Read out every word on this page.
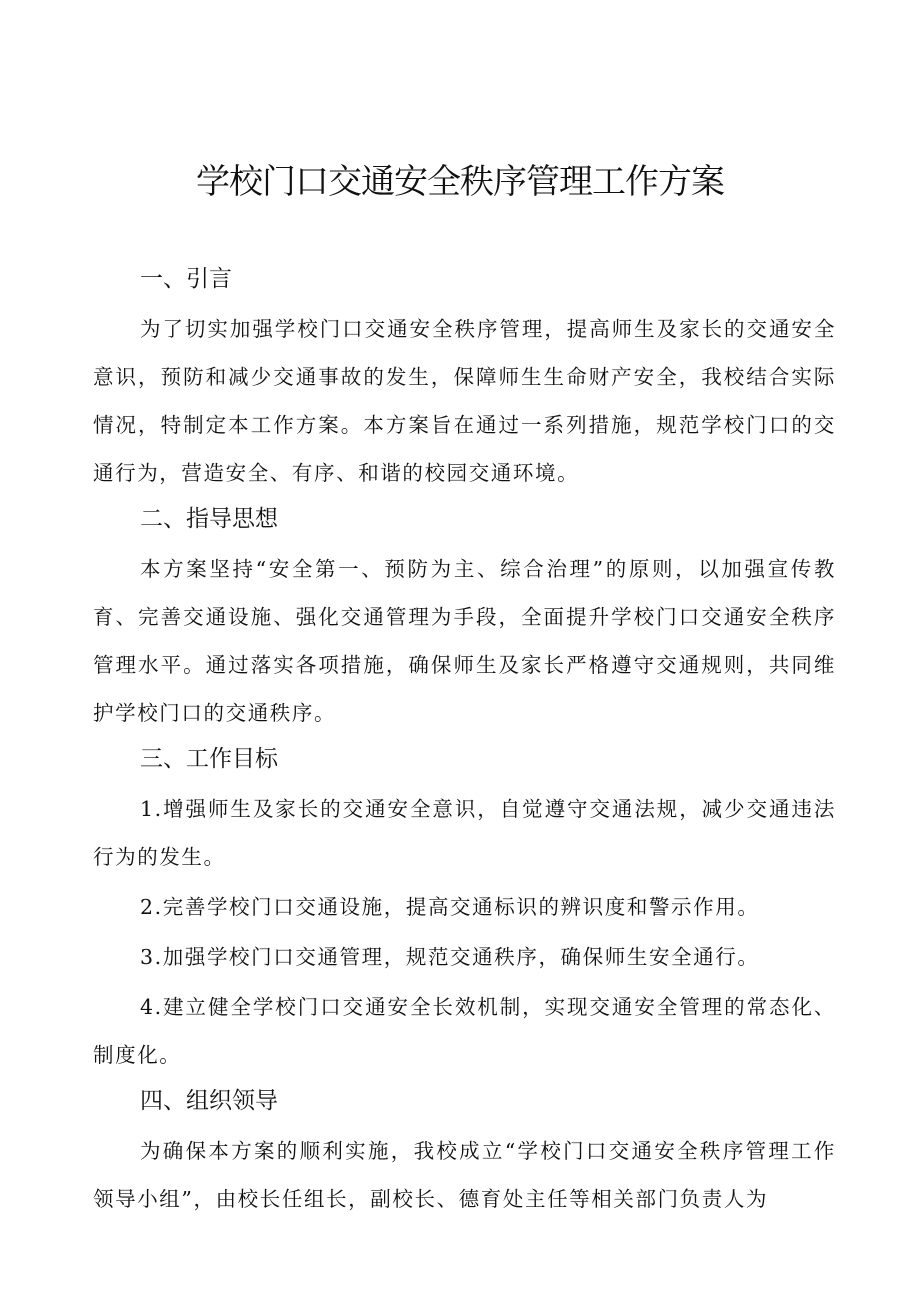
学校门口交通安全秩序管理工作方案
一、引言

为了切实加强学校门口交通安全秩序管理，提高师生及家长的交通安全意识，预防和减少交通事故的发生，保障师生生命财产安全，我校结合实际情况，特制定本工作方案。本方案旨在通过一系列措施，规范学校门口的交通行为，营造安全、有序、和谐的校园交通环境。

二、指导思想

本方案坚持“安全第一、预防为主、综合治理”的原则，以加强宣传教育、完善交通设施、强化交通管理为手段，全面提升学校门口交通安全秩序管理水平。通过落实各项措施，确保师生及家长严格遵守交通规则，共同维护学校门口的交通秩序。

三、工作目标

1.增强师生及家长的交通安全意识，自觉遵守交通法规，减少交通违法行为的发生。

2.完善学校门口交通设施，提高交通标识的辨识度和警示作用。

3.加强学校门口交通管理，规范交通秩序，确保师生安全通行。

4.建立健全学校门口交通安全长效机制，实现交通安全管理的常态化、制度化。

四、组织领导

为确保本方案的顺利实施，我校成立“学校门口交通安全秩序管理工作领导小组”，由校长任组长，副校长、德育处主任等相关部门负责人为
